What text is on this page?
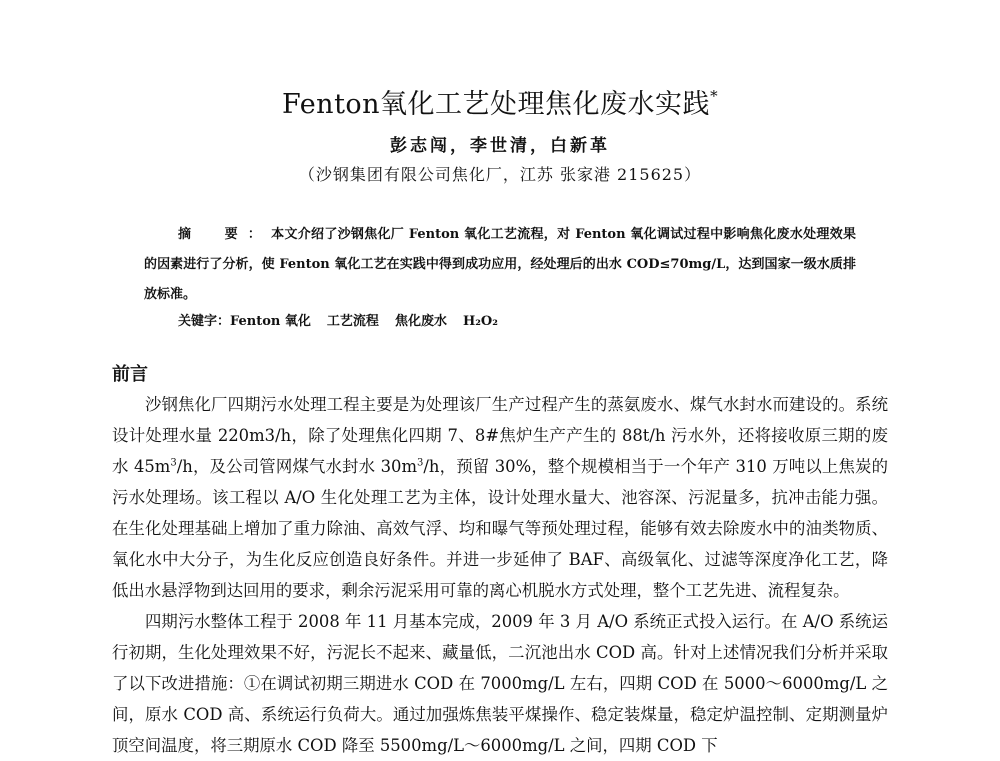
Fenton氧化工艺处理焦化废水实践*
彭志闯，李世清，白新革
（沙钢集团有限公司焦化厂，江苏 张家港 215625）
摘　要：本文介绍了沙钢焦化厂 Fenton 氧化工艺流程，对 Fenton 氧化调试过程中影响焦化废水处理效果的因素进行了分析，使 Fenton 氧化工艺在实践中得到成功应用，经处理后的出水 COD≤70mg/L，达到国家一级水质排放标准。
关键字：Fenton 氧化 工艺流程 焦化废水 H₂O₂
前言

沙钢焦化厂四期污水处理工程主要是为处理该厂生产过程产生的蒸氨废水、煤气水封水而建设的。系统设计处理水量 220m3/h，除了处理焦化四期 7、8#焦炉生产产生的 88t/h 污水外，还将接收原三期的废水 $45m^3/h$，及公司管网煤气水封水 $30m^3/h$，预留 30%，整个规模相当于一个年产 310 万吨以上焦炭的污水处理场。该工程以 A/O 生化处理工艺为主体，设计处理水量大、池容深、污泥量多，抗冲击能力强。在生化处理基础上增加了重力除油、高效气浮、均和曝气等预处理过程，能够有效去除废水中的油类物质、氧化水中大分子，为生化反应创造良好条件。并进一步延伸了 BAF、高级氧化、过滤等深度净化工艺，降低出水悬浮物到达回用的要求，剩余污泥采用可靠的离心机脱水方式处理，整个工艺先进、流程复杂。

四期污水整体工程于 2008 年 11 月基本完成，2009 年 3 月 A/O 系统正式投入运行。在 A/O 系统运行初期，生化处理效果不好，污泥长不起来、藏量低，二沉池出水 COD 高。针对上述情况我们分析并采取了以下改进措施：①在调试初期三期进水 COD 在 7000mg/L 左右，四期 COD 在 5000～6000mg/L 之间，原水 COD 高、系统运行负荷大。通过加强炼焦装平煤操作、稳定装煤量，稳定炉温控制、定期测量炉顶空间温度，将三期原水 COD 降至 5500mg/L～6000mg/L 之间，四期 COD 下
